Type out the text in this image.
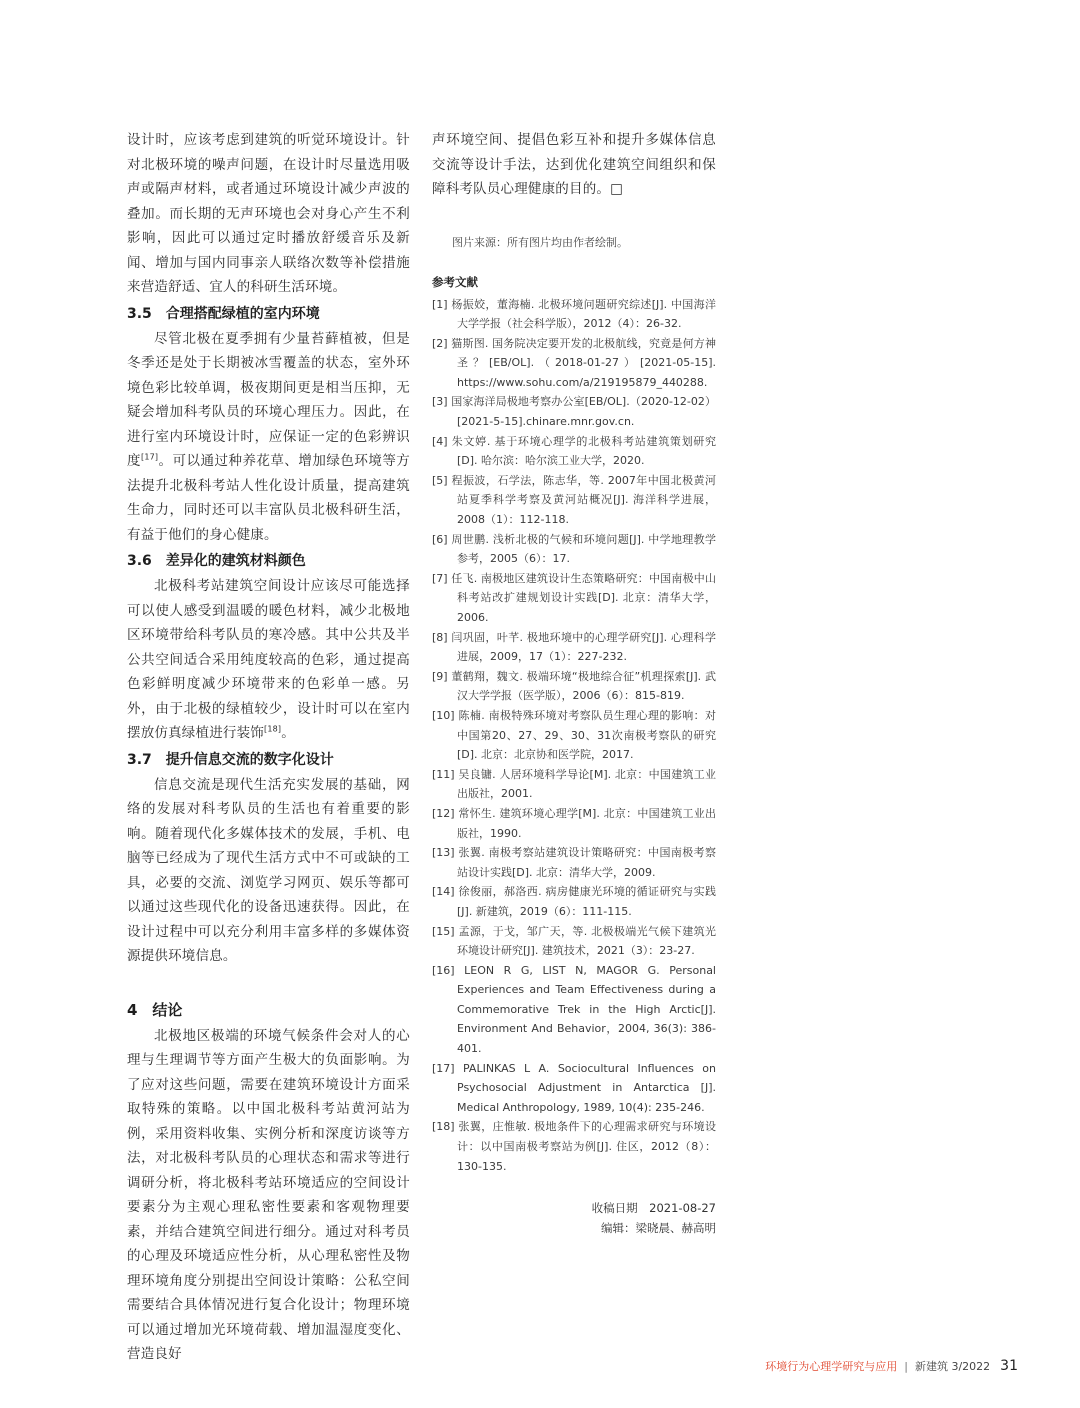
设计时，应该考虑到建筑的听觉环境设计。针对北极环境的噪声问题，在设计时尽量选用吸声或隔声材料，或者通过环境设计减少声波的叠加。而长期的无声环境也会对身心产生不利影响，因此可以通过定时播放舒缓音乐及新闻、增加与国内同事亲人联络次数等补偿措施来营造舒适、宜人的科研生活环境。

3.5　合理搭配绿植的室内环境

尽管北极在夏季拥有少量苔藓植被，但是冬季还是处于长期被冰雪覆盖的状态，室外环境色彩比较单调，极夜期间更是相当压抑，无疑会增加科考队员的环境心理压力。因此，在进行室内环境设计时，应保证一定的色彩辨识度[17]。可以通过种养花草、增加绿色环境等方法提升北极科考站人性化设计质量，提高建筑生命力，同时还可以丰富队员北极科研生活，有益于他们的身心健康。

3.6　差异化的建筑材料颜色

北极科考站建筑空间设计应该尽可能选择可以使人感受到温暖的暖色材料，减少北极地区环境带给科考队员的寒冷感。其中公共及半公共空间适合采用纯度较高的色彩，通过提高色彩鲜明度减少环境带来的色彩单一感。另外，由于北极的绿植较少，设计时可以在室内摆放仿真绿植进行装饰[18]。

3.7　提升信息交流的数字化设计

信息交流是现代生活充实发展的基础，网络的发展对科考队员的生活也有着重要的影响。随着现代化多媒体技术的发展，手机、电脑等已经成为了现代生活方式中不可或缺的工具，必要的交流、浏览学习网页、娱乐等都可以通过这些现代化的设备迅速获得。因此，在设计过程中可以充分利用丰富多样的多媒体资源提供环境信息。

4　结论

北极地区极端的环境气候条件会对人的心理与生理调节等方面产生极大的负面影响。为了应对这些问题，需要在建筑环境设计方面采取特殊的策略。以中国北极科考站黄河站为例，采用资料收集、实例分析和深度访谈等方法，对北极科考队员的心理状态和需求等进行调研分析，将北极科考站环境适应的空间设计要素分为主观心理私密性要素和客观物理要素，并结合建筑空间进行细分。通过对科考员的心理及环境适应性分析，从心理私密性及物理环境角度分别提出空间设计策略：公私空间需要结合具体情况进行复合化设计；物理环境可以通过增加光环境荷载、增加温湿度变化、营造良好

声环境空间、提倡色彩互补和提升多媒体信息交流等设计手法，达到优化建筑空间组织和保障科考队员心理健康的目的。□

图片来源：所有图片均由作者绘制。
参考文献

[1] 杨振姣，董海楠. 北极环境问题研究综述[J]. 中国海洋大学学报（社会科学版），2012（4）：26-32.

[2] 猫斯图. 国务院决定要开发的北极航线，究竟是何方神圣？[EB/OL].（2018-01-27）[2021-05-15]. https://www.sohu.com/a/219195879_440288.

[3] 国家海洋局极地考察办公室[EB/OL].（2020-12-02）[2021-5-15].chinare.mnr.gov.cn.

[4] 朱文婷. 基于环境心理学的北极科考站建筑策划研究[D]. 哈尔滨：哈尔滨工业大学，2020.

[5] 程振波，石学法，陈志华，等. 2007年中国北极黄河站夏季科学考察及黄河站概况[J]. 海洋科学进展，2008（1）：112-118.

[6] 周世鹏. 浅析北极的气候和环境问题[J]. 中学地理教学参考，2005（6）：17.

[7] 任飞. 南极地区建筑设计生态策略研究：中国南极中山科考站改扩建规划设计实践[D]. 北京：清华大学，2006.

[8] 闫巩固，叶芊. 极地环境中的心理学研究[J]. 心理科学进展，2009，17（1）：227-232.

[9] 董鹤翔，魏文. 极端环境“极地综合征”机理探索[J]. 武汉大学学报（医学版），2006（6）：815-819.

[10] 陈楠. 南极特殊环境对考察队员生理心理的影响：对中国第20、27、29、30、31次南极考察队的研究[D]. 北京：北京协和医学院，2017.

[11] 吴良镛. 人居环境科学导论[M]. 北京：中国建筑工业出版社，2001.

[12] 常怀生. 建筑环境心理学[M]. 北京：中国建筑工业出版社，1990.

[13] 张翼. 南极考察站建筑设计策略研究：中国南极考察站设计实践[D]. 北京：清华大学，2009.

[14] 徐俊丽，郝洛西. 病房健康光环境的循证研究与实践[J]. 新建筑，2019（6）：111-115.

[15] 孟源，于戈，邹广天，等. 北极极端光气候下建筑光环境设计研究[J]. 建筑技术，2021（3）：23-27.

[16] LEON R G, LIST N, MAGOR G. Personal Experiences and Team Effectiveness during a Commemorative Trek in the High Arctic[J]. Environment And Behavior，2004, 36(3): 386-401.

[17] PALINKAS L A. Sociocultural Influences on Psychosocial Adjustment in Antarctica [J]. Medical Anthropology, 1989, 10(4): 235-246.

[18] 张翼，庄惟敏. 极地条件下的心理需求研究与环境设计：以中国南极考察站为例[J]. 住区，2012（8）：130-135.

收稿日期　2021-08-27
编辑：梁晓晨、赫高明
环境行为心理学研究与应用 | 新建筑 3/2022 31
